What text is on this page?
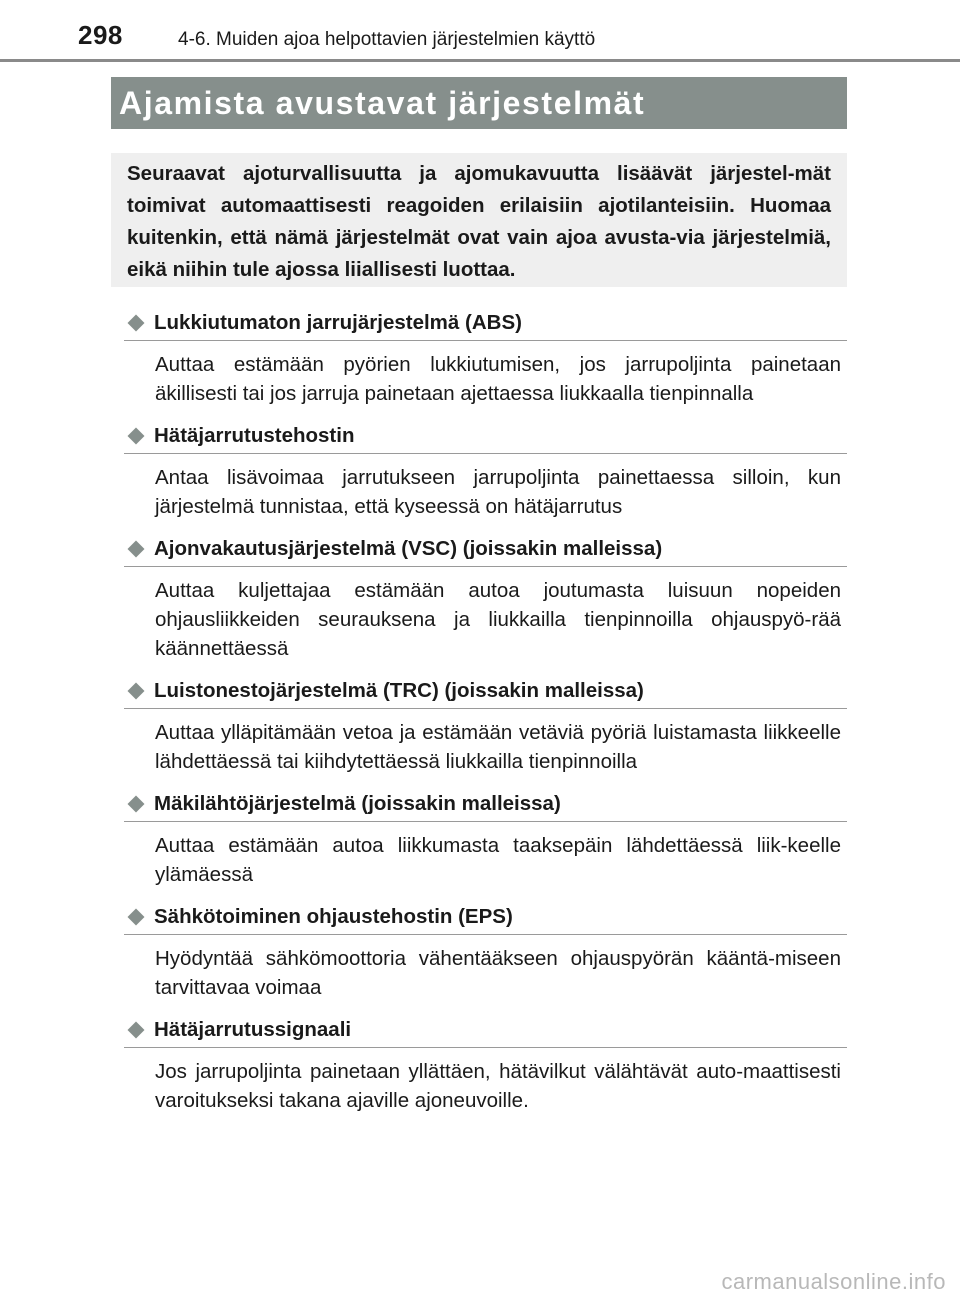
298	4-6. Muiden ajoa helpottavien järjestelmien käyttö
Ajamista avustavat järjestelmät

Seuraavat ajoturvallisuutta ja ajomukavuutta lisäävät järjestel-mät toimivat automaattisesti reagoiden erilaisiin ajotilanteisiin. Huomaa kuitenkin, että nämä järjestelmät ovat vain ajoa avusta-via järjestelmiä, eikä niihin tule ajossa liiallisesti luottaa.

Lukkiutumaton jarrujärjestelmä (ABS)

Auttaa estämään pyörien lukkiutumisen, jos jarrupoljinta painetaan äkillisesti tai jos jarruja painetaan ajettaessa liukkaalla tienpinnalla

Hätäjarrutustehostin

Antaa lisävoimaa jarrutukseen jarrupoljinta painettaessa silloin, kun järjestelmä tunnistaa, että kyseessä on hätäjarrutus

Ajonvakautusjärjestelmä (VSC) (joissakin malleissa)

Auttaa kuljettajaa estämään autoa joutumasta luisuun nopeiden ohjausliikkeiden seurauksena ja liukkailla tienpinnoilla ohjauspyö-rää käännettäessä

Luistonestojärjestelmä (TRC) (joissakin malleissa)

Auttaa ylläpitämään vetoa ja estämään vetäviä pyöriä luistamasta liikkeelle lähdettäessä tai kiihdytettäessä liukkailla tienpinnoilla

Mäkilähtöjärjestelmä (joissakin malleissa)

Auttaa estämään autoa liikkumasta taaksepäin lähdettäessä liik-keelle ylämäessä

Sähkötoiminen ohjaustehostin (EPS)

Hyödyntää sähkömoottoria vähentääkseen ohjauspyörän kääntä-miseen tarvittavaa voimaa

Hätäjarrutussignaali

Jos jarrupoljinta painetaan yllättäen, hätävilkut välähtävät auto-maattisesti varoitukseksi takana ajaville ajoneuvoille.

carmanualsonline.info
